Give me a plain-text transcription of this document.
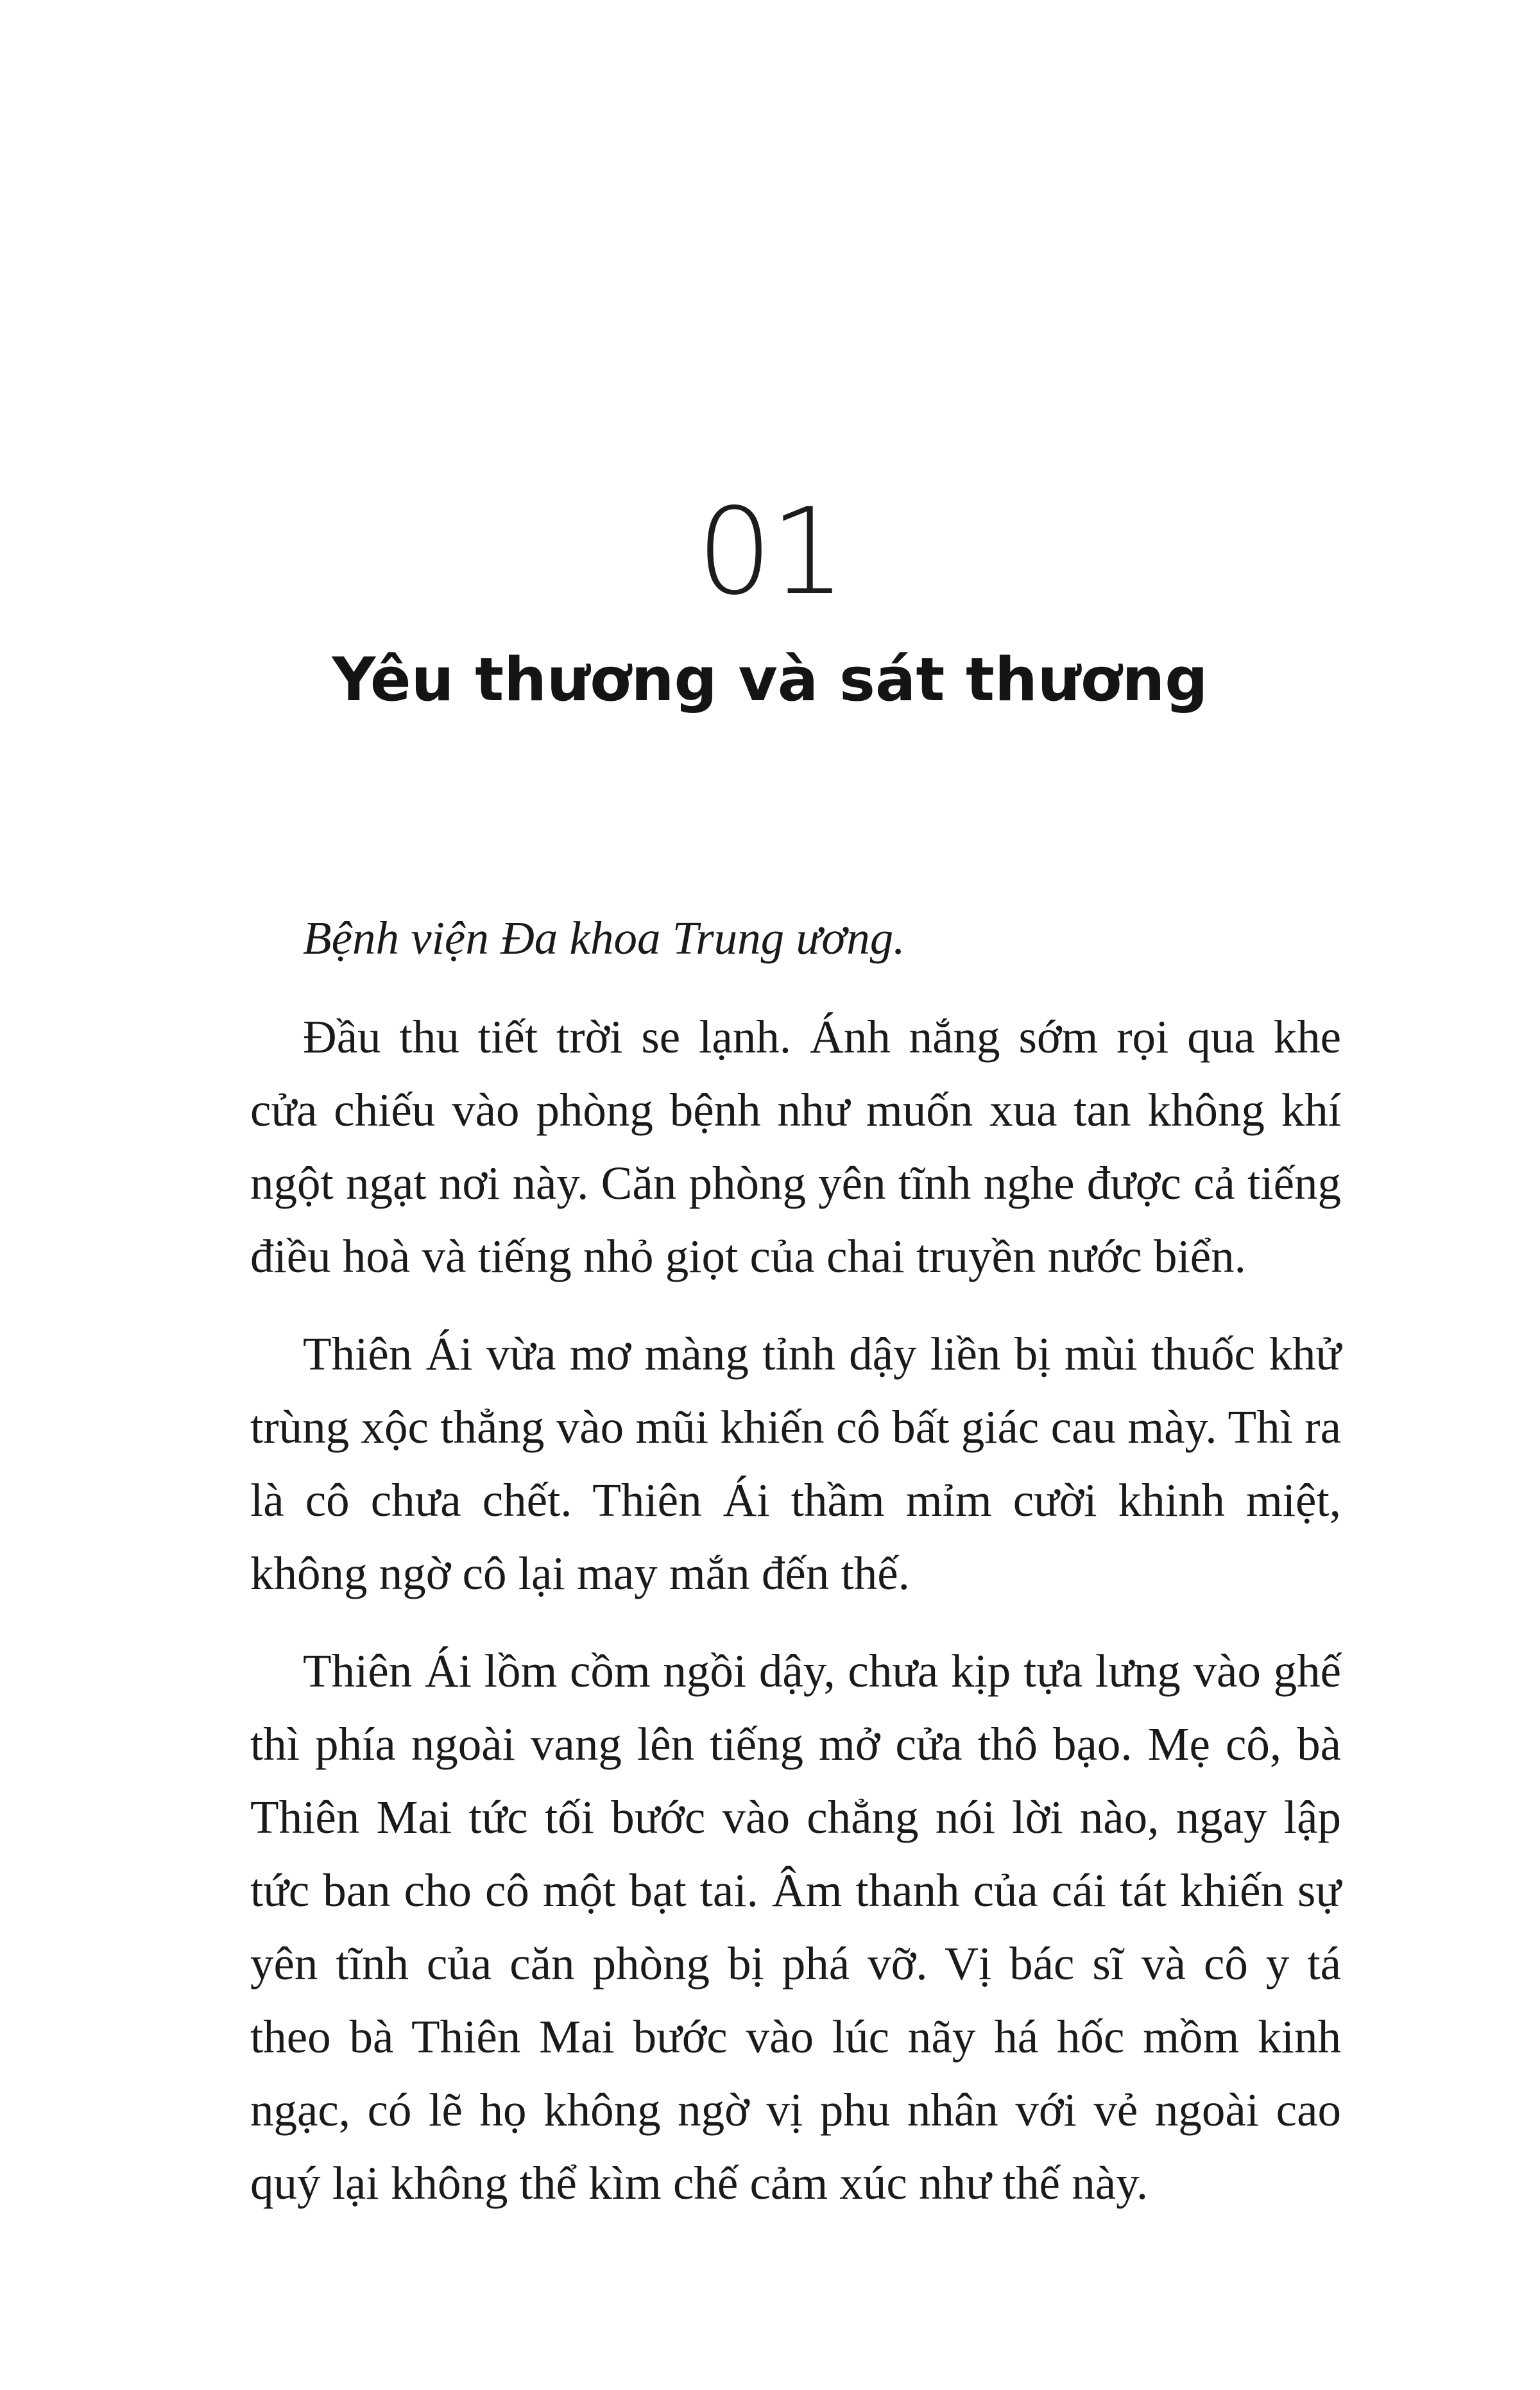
01
Yêu thương và sát thương

Bệnh viện Đa khoa Trung ương.

Đầu thu tiết trời se lạnh. Ánh nắng sớm rọi qua khe cửa chiếu vào phòng bệnh như muốn xua tan không khí ngột ngạt nơi này. Căn phòng yên tĩnh nghe được cả tiếng điều hoà và tiếng nhỏ giọt của chai truyền nước biển.

Thiên Ái vừa mơ màng tỉnh dậy liền bị mùi thuốc khử trùng xộc thẳng vào mũi khiến cô bất giác cau mày. Thì ra là cô chưa chết. Thiên Ái thầm mỉm cười khinh miệt, không ngờ cô lại may mắn đến thế.

Thiên Ái lồm cồm ngồi dậy, chưa kịp tựa lưng vào ghế thì phía ngoài vang lên tiếng mở cửa thô bạo. Mẹ cô, bà Thiên Mai tức tối bước vào chẳng nói lời nào, ngay lập tức ban cho cô một bạt tai. Âm thanh của cái tát khiến sự yên tĩnh của căn phòng bị phá vỡ. Vị bác sĩ và cô y tá theo bà Thiên Mai bước vào lúc nãy há hốc mồm kinh ngạc, có lẽ họ không ngờ vị phu nhân với vẻ ngoài cao quý lại không thể kìm chế cảm xúc như thế này.
